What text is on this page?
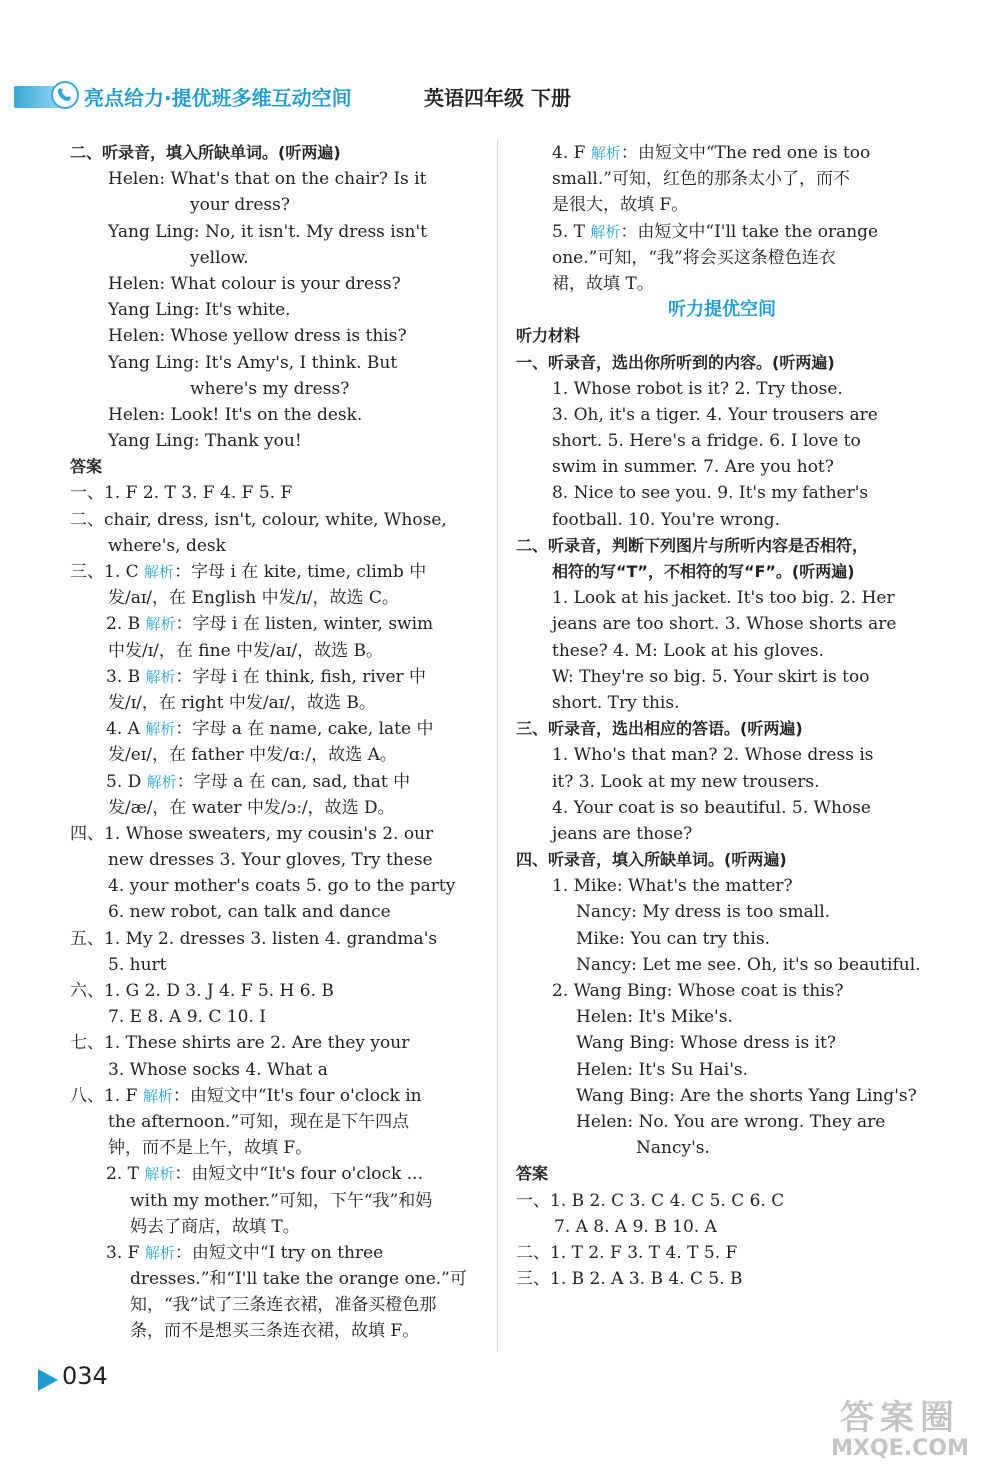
亮点给力·提优班多维互动空间	英语四年级 下册
二、听录音，填入所缺单词。(听两遍)
Helen: What's that on the chair? Is it
your dress?
Yang Ling: No, it isn't. My dress isn't
yellow.
Helen: What colour is your dress?
Yang Ling: It's white.
Helen: Whose yellow dress is this?
Yang Ling: It's Amy's, I think. But
where's my dress?
Helen: Look! It's on the desk.
Yang Ling: Thank you!
答案
一、1. F 2. T 3. F 4. F 5. F
二、chair, dress, isn't, colour, white, Whose,
where's, desk
三、1. C 解析：字母 i 在 kite, time, climb 中
发/aɪ/，在 English 中发/ɪ/，故选 C。
2. B 解析：字母 i 在 listen, winter, swim
中发/ɪ/，在 fine 中发/aɪ/，故选 B。
3. B 解析：字母 i 在 think, fish, river 中
发/ɪ/，在 right 中发/aɪ/，故选 B。
4. A 解析：字母 a 在 name, cake, late 中
发/eɪ/，在 father 中发/ɑː/，故选 A。
5. D 解析：字母 a 在 can, sad, that 中
发/æ/，在 water 中发/ɔː/，故选 D。
四、1. Whose sweaters, my cousin's 2. our
new dresses 3. Your gloves, Try these
4. your mother's coats 5. go to the party
6. new robot, can talk and dance
五、1. My 2. dresses 3. listen 4. grandma's
5. hurt
六、1. G 2. D 3. J 4. F 5. H 6. B
7. E 8. A 9. C 10. I
七、1. These shirts are 2. Are they your
3. Whose socks 4. What a
八、1. F 解析：由短文中“It's four o'clock in
the afternoon.”可知，现在是下午四点
钟，而不是上午，故填 F。
2. T 解析：由短文中“It's four o'clock ...
with my mother.”可知，下午“我”和妈
妈去了商店，故填 T。
3. F 解析：由短文中“I try on three
dresses.”和“I'll take the orange one.”可
知，“我”试了三条连衣裙，准备买橙色那
条，而不是想买三条连衣裙，故填 F。
4. F 解析：由短文中“The red one is too
small.”可知，红色的那条太小了，而不
是很大，故填 F。
5. T 解析：由短文中“I'll take the orange
one.”可知，“我”将会买这条橙色连衣
裙，故填 T。
听力提优空间
听力材料
一、听录音，选出你所听到的内容。(听两遍)
1. Whose robot is it? 2. Try those.
3. Oh, it's a tiger. 4. Your trousers are
short. 5. Here's a fridge. 6. I love to
swim in summer. 7. Are you hot?
8. Nice to see you. 9. It's my father's
football. 10. You're wrong.
二、听录音，判断下列图片与所听内容是否相符，
相符的写“T”，不相符的写“F”。(听两遍)
1. Look at his jacket. It's too big. 2. Her
jeans are too short. 3. Whose shorts are
these? 4. M: Look at his gloves.
W: They're so big. 5. Your skirt is too
short. Try this.
三、听录音，选出相应的答语。(听两遍)
1. Who's that man? 2. Whose dress is
it? 3. Look at my new trousers.
4. Your coat is so beautiful. 5. Whose
jeans are those?
四、听录音，填入所缺单词。(听两遍)
1. Mike: What's the matter?
Nancy: My dress is too small.
Mike: You can try this.
Nancy: Let me see. Oh, it's so beautiful.
2. Wang Bing: Whose coat is this?
Helen: It's Mike's.
Wang Bing: Whose dress is it?
Helen: It's Su Hai's.
Wang Bing: Are the shorts Yang Ling's?
Helen: No. You are wrong. They are
Nancy's.
答案
一、1. B 2. C 3. C 4. C 5. C 6. C
7. A 8. A 9. B 10. A
二、1. T 2. F 3. T 4. T 5. F
三、1. B 2. A 3. B 4. C 5. B
034
答案圈
MXQE.COM
